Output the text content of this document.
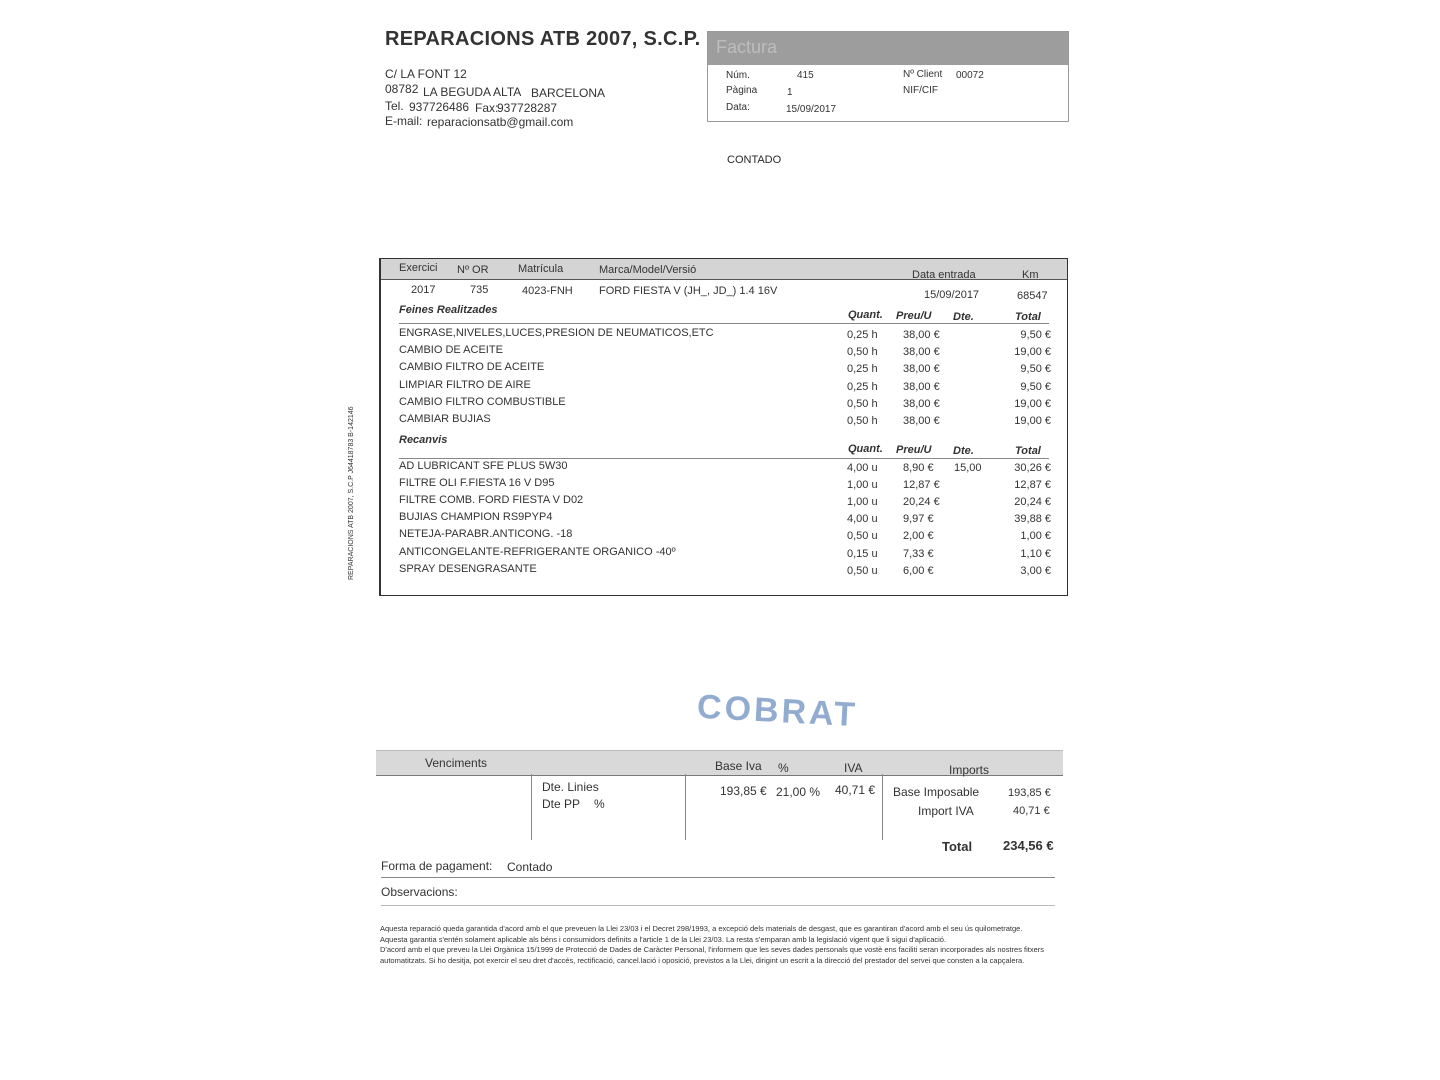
REPARACIONS ATB 2007, S.C.P.
C/ LA FONT 12
08782 LA BEGUDA ALTA BARCELONA
Tel. 937726486 Fax:
937728287
E-mail: reparacionsatb@gmail.com
Factura
Núm.	415
Pàgina	1
Data:	15/09/2017
Nº Client 00072
NIF/CIF
CONTADO
REPARACIONS ATB 2007, S.C.P J64418783 B-142146
Exercici Nº OR	Matrícula	Marca/Model/Versió	Data entrada	Km
2017	735	4023-FNH FORD FIESTA V (JH_, JD_) 1.4 16V	15/09/2017	68547
Feines Realitzades	Quant. Preu/U Dte.	Total
ENGRASE,NIVELES,LUCES,PRESION DE NEUMATICOS,ETC	0,25 h 38,00 €	9,50 €
CAMBIO DE ACEITE	0,50 h 38,00 €	19,00 €
CAMBIO FILTRO DE ACEITE	0,25 h 38,00 €	9,50 €
LIMPIAR FILTRO DE AIRE	0,25 h 38,00 €	9,50 €
CAMBIO FILTRO COMBUSTIBLE	0,50 h 38,00 €	19,00 €
CAMBIAR BUJIAS	0,50 h 38,00 €	19,00 €
Recanvis
Quant. Preu/U Dte.	Total
AD LUBRICANT SFE PLUS 5W30	4,00 u 8,90 € 15,00	30,26 €
FILTRE OLI F.FIESTA 16 V D95	1,00 u 12,87 €	12,87 €
FILTRE COMB. FORD FIESTA V D02	1,00 u 20,24 €	20,24 €
BUJIAS CHAMPION RS9PYP4	4,00 u 9,97 €	39,88 €
NETEJA-PARABR.ANTICONG. -18	0,50 u 2,00 €	1,00 €
ANTICONGELANTE-REFRIGERANTE ORGANICO -40º	0,15 u 7,33 €	1,10 €
SPRAY DESENGRASANTE	0,50 u 6,00 €	3,00 €
COBRAT
Venciments	Base Iva %	IVA	Imports
Dte. Linies
Dte PP %
193,85 € 21,00 % 40,71 € Base Imposable	193,85 €
Import IVA	40,71 €
Total 234,56 €
Forma de pagament: Contado
Observacions:
Aquesta reparació queda garantida d'acord amb el que preveuen la Llei 23/03 i el Decret 298/1993, a excepció dels materials de desgast, que es garantiran d'acord amb el seu ús quilometratge.
Aquesta garantia s'entén solament aplicable als béns i consumidors definits a l'article 1 de la Llei 23/03. La resta s'emparan amb la legislació vigent que li sigui d'aplicació.
D'acord amb el que preveu la Llei Orgànica 15/1999 de Protecció de Dades de Caràcter Personal, l'informem que les seves dades personals que vostè ens faciliti seran incorporades als nostres fitxers
automatitzats. Si ho desitja, pot exercir el seu dret d'accés, rectificació, cancel.lació i oposició, previstos a la Llei, dirigint un escrit a la direcció del prestador del servei que consten a la capçalera.
